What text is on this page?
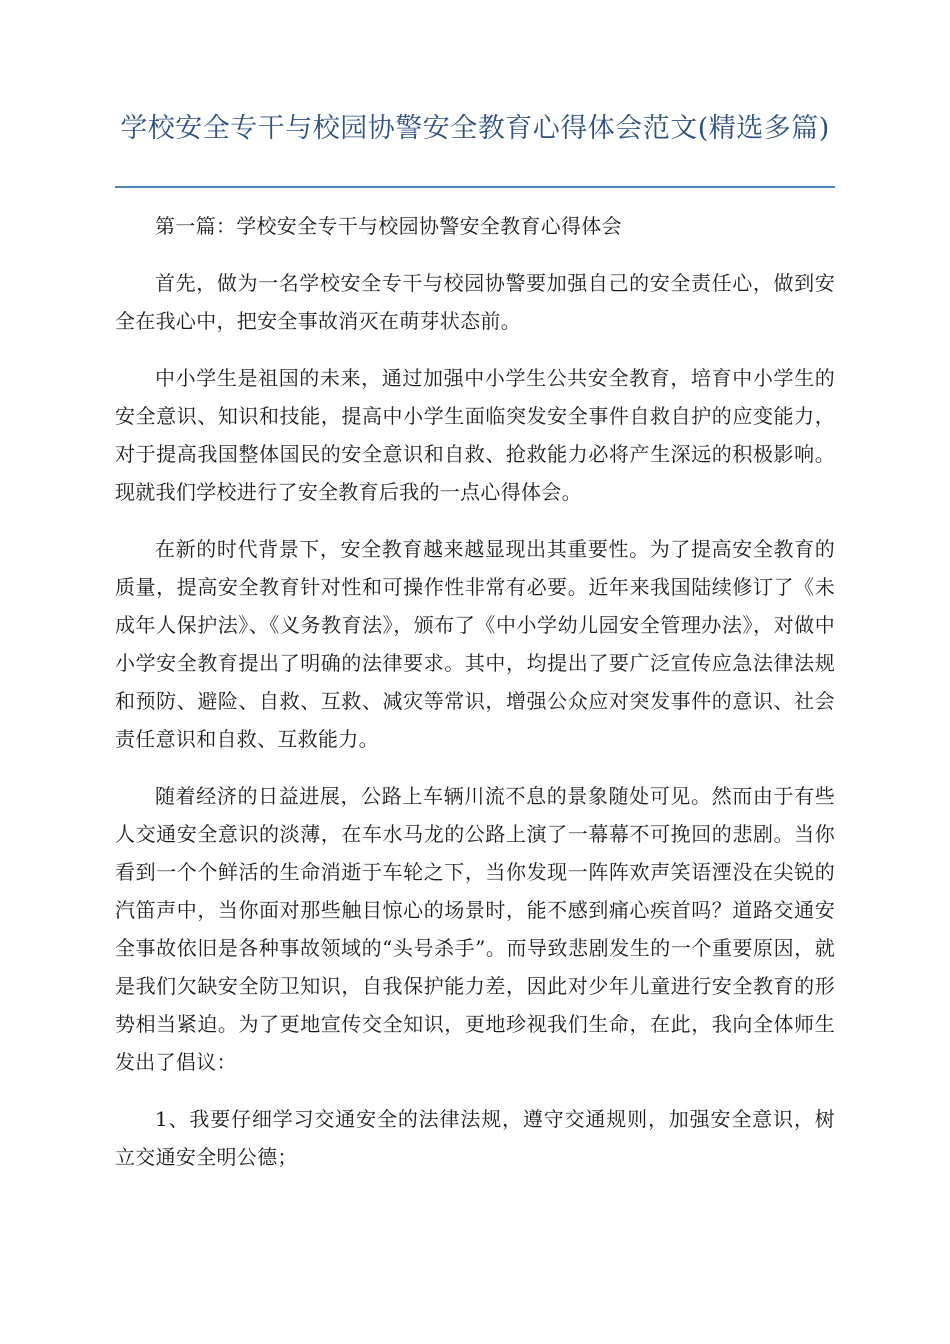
学校安全专干与校园协警安全教育心得体会范文(精选多篇)

第一篇：学校安全专干与校园协警安全教育心得体会

首先，做为一名学校安全专干与校园协警要加强自己的安全责任心，做到安全在我心中，把安全事故消灭在萌芽状态前。

中小学生是祖国的未来，通过加强中小学生公共安全教育，培育中小学生的安全意识、知识和技能，提高中小学生面临突发安全事件自救自护的应变能力，对于提高我国整体国民的安全意识和自救、抢救能力必将产生深远的积极影响。现就我们学校进行了安全教育后我的一点心得体会。

在新的时代背景下，安全教育越来越显现出其重要性。为了提高安全教育的质量，提高安全教育针对性和可操作性非常有必要。近年来我国陆续修订了《未成年人保护法》、《义务教育法》，颁布了《中小学幼儿园安全管理办法》，对做中小学安全教育提出了明确的法律要求。其中，均提出了要广泛宣传应急法律法规和预防、避险、自救、互救、减灾等常识，增强公众应对突发事件的意识、社会责任意识和自救、互救能力。

随着经济的日益进展，公路上车辆川流不息的景象随处可见。然而由于有些人交通安全意识的淡薄，在车水马龙的公路上演了一幕幕不可挽回的悲剧。当你看到一个个鲜活的生命消逝于车轮之下，当你发现一阵阵欢声笑语湮没在尖锐的汽笛声中，当你面对那些触目惊心的场景时，能不感到痛心疾首吗？道路交通安全事故依旧是各种事故领域的“头号杀手”。而导致悲剧发生的一个重要原因，就是我们欠缺安全防卫知识，自我保护能力差，因此对少年儿童进行安全教育的形势相当紧迫。为了更地宣传交全知识，更地珍视我们生命，在此，我向全体师生发出了倡议：

1、我要仔细学习交通安全的法律法规，遵守交通规则，加强安全意识，树立交通安全明公德；
